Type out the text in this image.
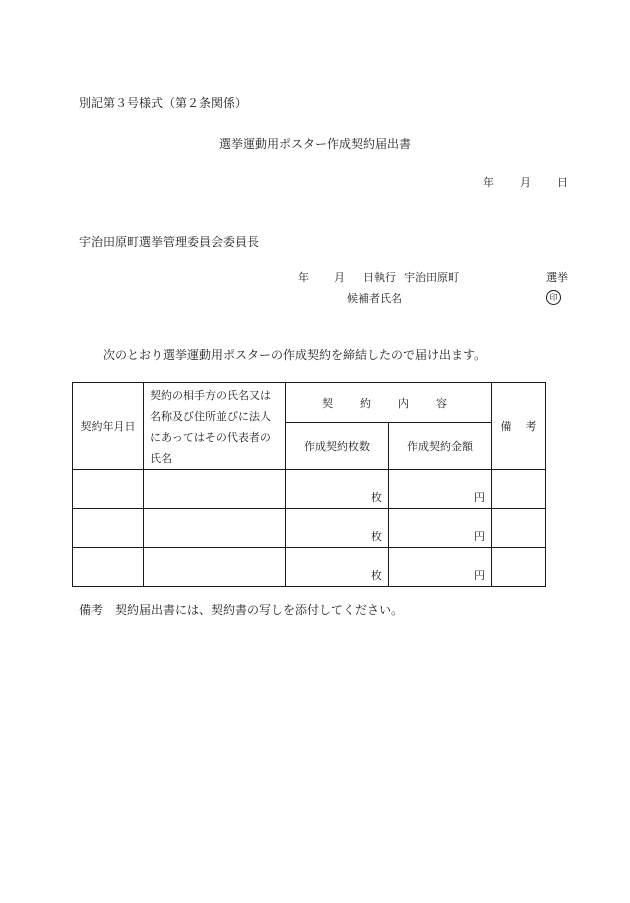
別記第３号様式（第２条関係）
選挙運動用ポスター作成契約届出書
年 月 日
宇治田原町選挙管理委員会委員長
年 月 日執行 宇治田原町	選挙
候補者氏名	印
次のとおり選挙運動用ポスターの作成契約を締結したので届け出ます。
契約年月日	契約の相手方の氏名又は名称及び住所並びに法人にあってはその代表者の氏名	契　約　内　容		備 考
		作成契約枚数	作成契約金額	
		枚	円	
		枚	円	
		枚	円	
備考 契約届出書には、契約書の写しを添付してください。
